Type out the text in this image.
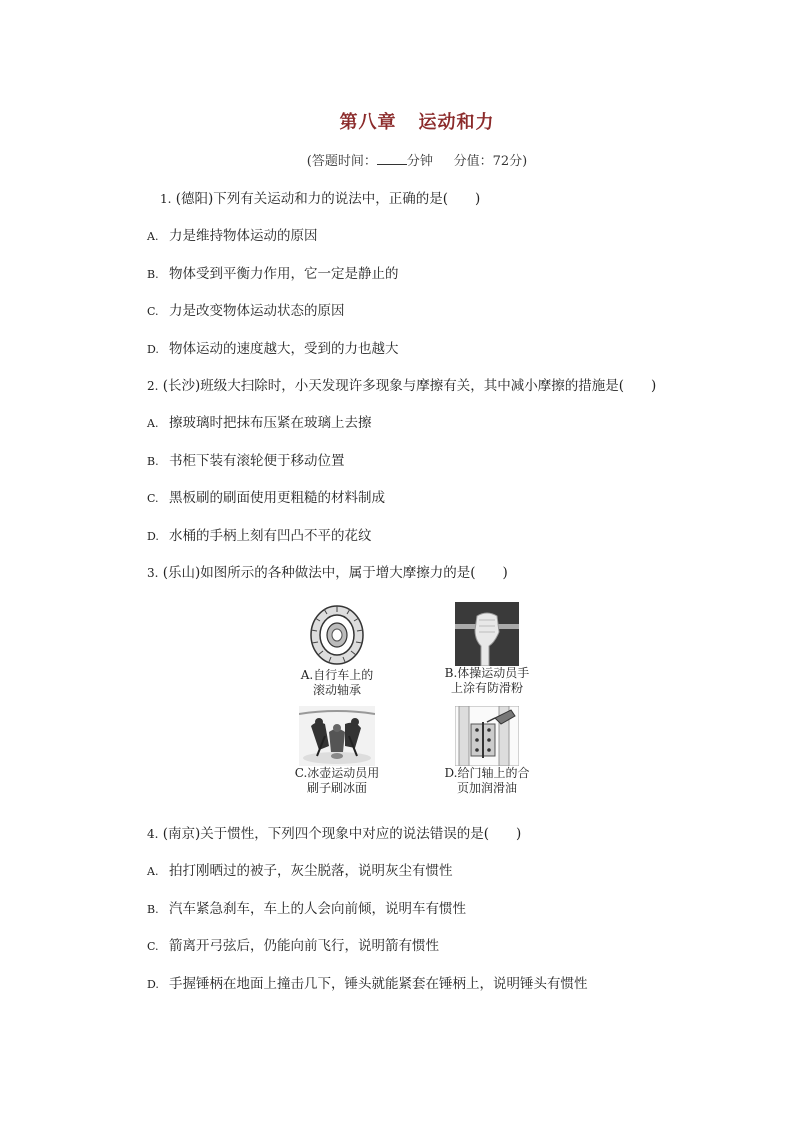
第八章 运动和力
(答题时间： 分钟 分值：72分)
1. (德阳)下列有关运动和力的说法中，正确的是(　　)
A. 力是维持物体运动的原因
B. 物体受到平衡力作用，它一定是静止的
C. 力是改变物体运动状态的原因
D. 物体运动的速度越大，受到的力也越大
2. (长沙)班级大扫除时，小天发现许多现象与摩擦有关，其中减小摩擦的措施是(　　)
A. 擦玻璃时把抹布压紧在玻璃上去擦
B. 书柜下装有滚轮便于移动位置
C. 黑板刷的刷面使用更粗糙的材料制成
D. 水桶的手柄上刻有凹凸不平的花纹
3. (乐山)如图所示的各种做法中，属于增大摩擦力的是(　　)
A.自行车上的
滚动轴承
B.体操运动员手
上涂有防滑粉
C.冰壶运动员用
刷子刷冰面
D.给门轴上的合
页加润滑油
4. (南京)关于惯性，下列四个现象中对应的说法错误的是(　　)
A. 拍打刚晒过的被子，灰尘脱落，说明灰尘有惯性
B. 汽车紧急刹车，车上的人会向前倾，说明车有惯性
C. 箭离开弓弦后，仍能向前飞行，说明箭有惯性
D. 手握锤柄在地面上撞击几下，锤头就能紧套在锤柄上，说明锤头有惯性
